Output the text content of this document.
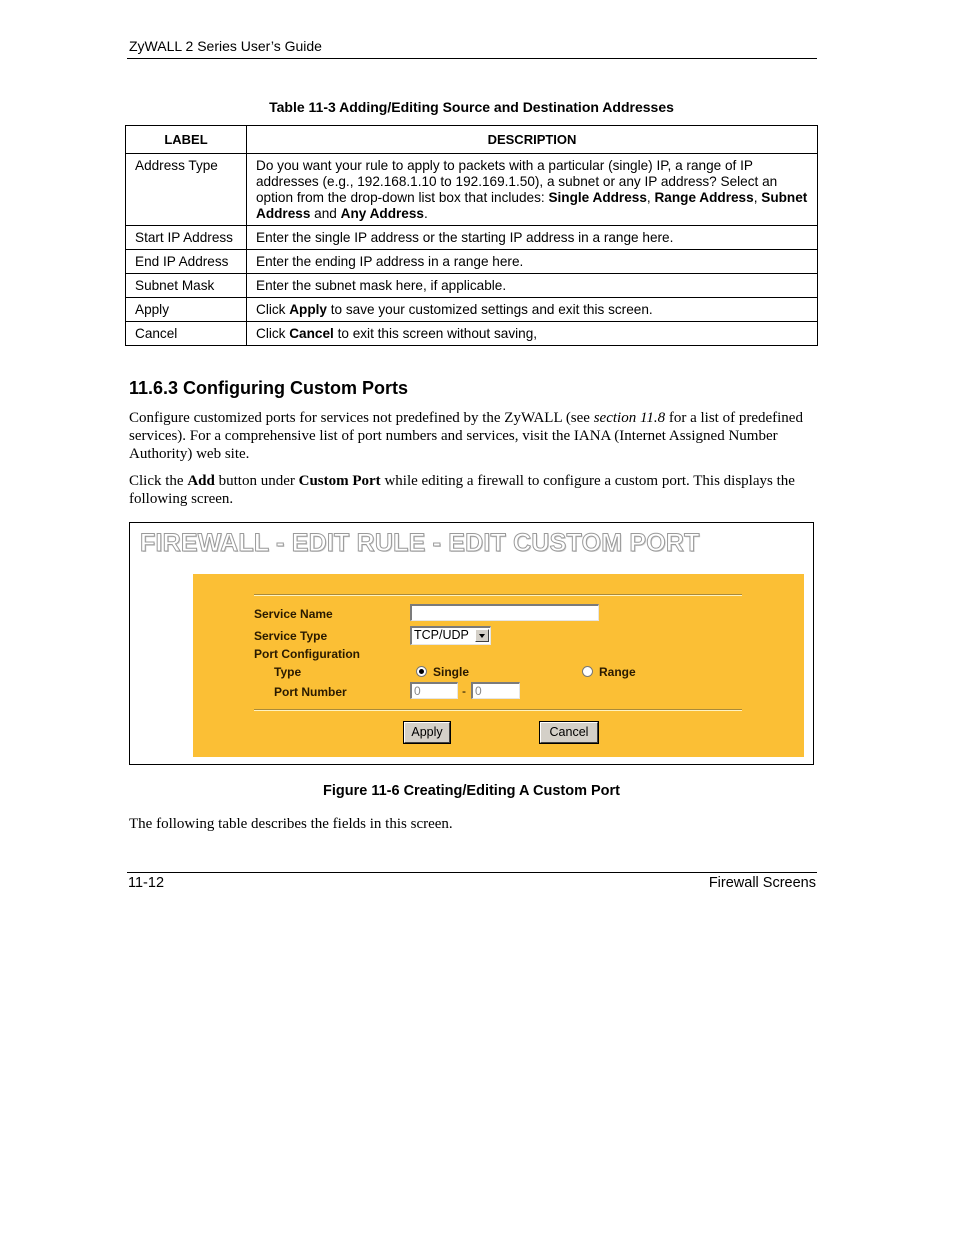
ZyWALL 2 Series User’s Guide
Table 11-3 Adding/Editing Source and Destination Addresses
LABEL	DESCRIPTION
Address Type	Do you want your rule to apply to packets with a particular (single) IP, a range of IP addresses (e.g., 192.168.1.10 to 192.169.1.50), a subnet or any IP address? Select an option from the drop-down list box that includes: Single Address, Range Address, Subnet Address and Any Address.
Start IP Address	Enter the single IP address or the starting IP address in a range here.
End IP Address	Enter the ending IP address in a range here.
Subnet Mask	Enter the subnet mask here, if applicable.
Apply	Click Apply to save your customized settings and exit this screen.
Cancel	Click Cancel to exit this screen without saving,
11.6.3 Configuring Custom Ports
Configure customized ports for services not predefined by the ZyWALL (see section 11.8 for a list of predefined services). For a comprehensive list of port numbers and services, visit the IANA (Internet Assigned Number Authority) web site.
Click the Add button under Custom Port while editing a firewall to configure a custom port. This displays the following screen.
FIREWALL - EDIT RULE - EDIT CUSTOM PORT
Service Name
Service Type	TCP/UDP
Port Configuration
Type	Single	Range
Port Number	0	- 0
Apply	Cancel
Figure 11-6 Creating/Editing A Custom Port
The following table describes the fields in this screen.
11-12	Firewall Screens
